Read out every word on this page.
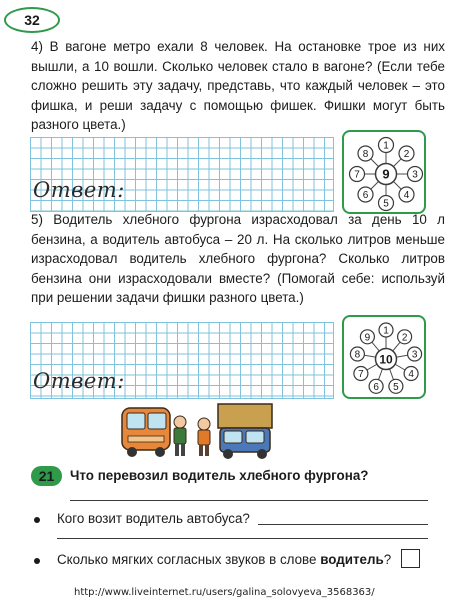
32

4) В вагоне метро ехали 8 человек. На остановке трое из них вышли, а 10 вошли. Сколько человек стало в вагоне? (Если тебе сложно решить эту задачу, представь, что каждый человек – это фишка, и реши задачу с помощью фишек. Фишки могут быть разного цвета.)

Ответ:
1
2
3
4
5
6
7
8
9

5) Водитель хлебного фургона израсходовал за день 10 л бензина, а водитель автобуса – 20 л. На сколько литров меньше израсходовал водитель хлебного фургона? Сколько литров бензина они израсходовали вместе? (Помогай себе: используй при решении задачи фишки разного цвета.)

Ответ:
1
2
3
4
5
6
7
8
9
10
21 Что перевозил водитель хлебного фургона?
Кого возит водитель автобуса?
Сколько мягких согласных звуков в слове водитель?
http://www.liveinternet.ru/users/galina_solovyeva_3568363/
